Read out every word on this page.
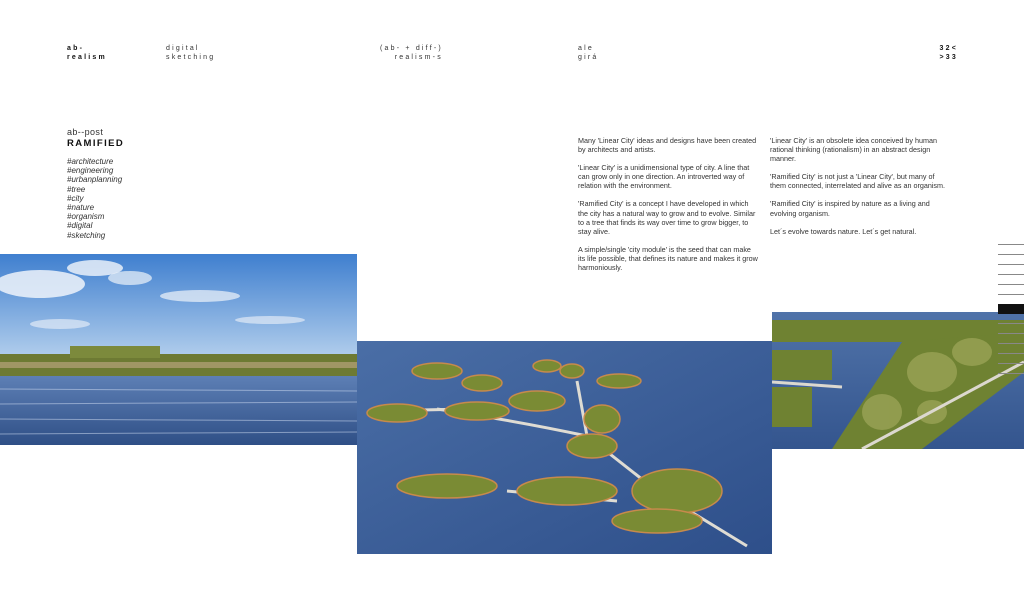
ab-
realism
digital
sketching
(ab- + diff-)
realism-s
ale
girá
32<
>33
ab--post
RAMIFIED
#architecture
#engineering
#urbanplanning
#tree
#city
#nature
#organism
#digital
#sketching

Many 'Linear City' ideas and designs have been created by architects and artists.

'Linear City' is a unidimensional type of city. A line that can grow only in one direction. An introverted way of relation with the environment.

'Ramified City' is a concept I have developed in which the city has a natural way to grow and to evolve. Similar to a tree that finds its way over time to grow bigger, to stay alive.

A simple/single 'city module' is the seed that can make its life possible, that defines its nature and makes it grow harmoniously.

'Linear City' is an obsolete idea conceived by human rational thinking (rationalism) in an abstract design manner.

'Ramified City' is not just a 'Linear City', but many of them connected, interrelated and alive as an organism.

'Ramified City' is inspired by nature as a living and evolving organism.

Let´s evolve towards nature. Let´s get natural.
